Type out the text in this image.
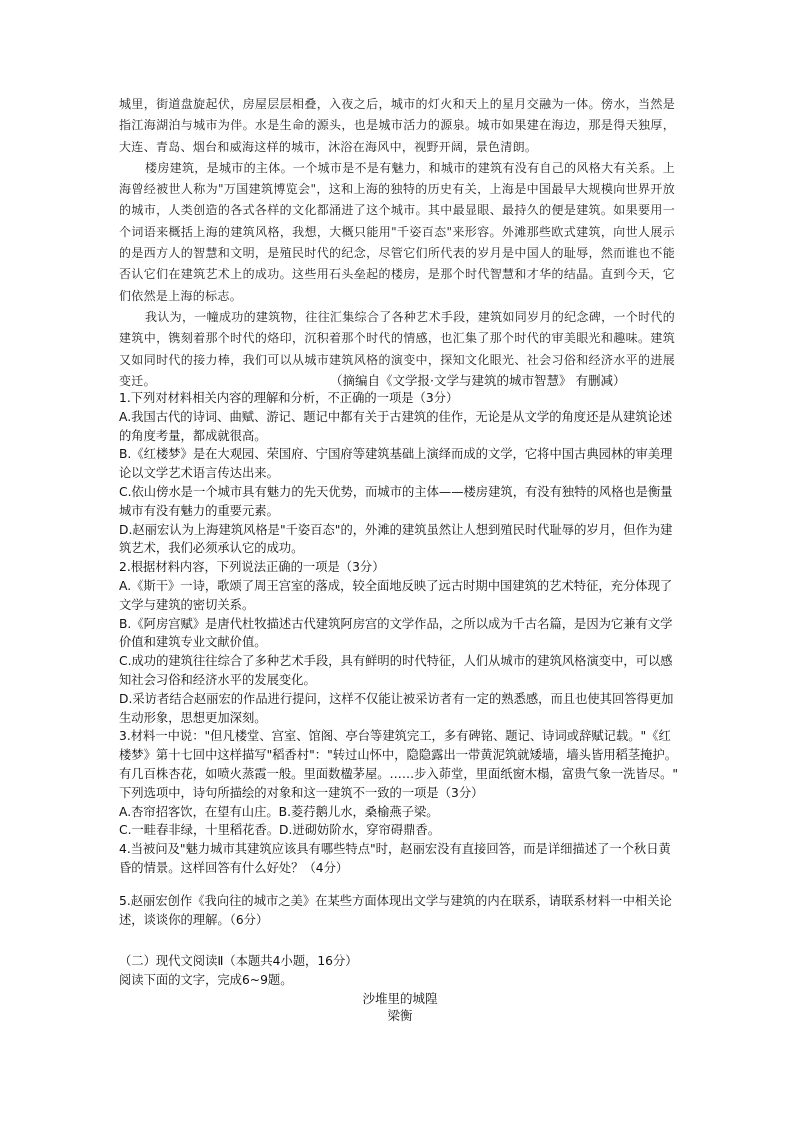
城里，街道盘旋起伏，房屋层层相叠，入夜之后，城市的灯火和天上的星月交融为一体。傍水，当然是指江海湖泊与城市为伴。水是生命的源头，也是城市活力的源泉。城市如果建在海边，那是得天独厚，大连、青岛、烟台和威海这样的城市，沐浴在海风中，视野开阔，景色清朗。

楼房建筑，是城市的主体。一个城市是不是有魅力，和城市的建筑有没有自己的风格大有关系。上海曾经被世人称为"万国建筑博览会"，这和上海的独特的历史有关，上海是中国最早大规模向世界开放的城市，人类创造的各式各样的文化都涌进了这个城市。其中最显眼、最持久的便是建筑。如果要用一个词语来概括上海的建筑风格，我想，大概只能用"千姿百态"来形容。外滩那些欧式建筑，向世人展示的是西方人的智慧和文明，是殖民时代的纪念，尽管它们所代表的岁月是中国人的耻辱，然而谁也不能否认它们在建筑艺术上的成功。这些用石头垒起的楼房，是那个时代智慧和才华的结晶。直到今天，它们依然是上海的标志。

我认为，一幢成功的建筑物，往往汇集综合了各种艺术手段，建筑如同岁月的纪念碑，一个时代的建筑中，镌刻着那个时代的烙印，沉积着那个时代的情感，也汇集了那个时代的审美眼光和趣味。建筑又如同时代的接力棒，我们可以从城市建筑风格的演变中，探知文化眼光、社会习俗和经济水平的进展变迁。	（摘编自《文学报·文学与建筑的城市智慧》 有删减）

1.下列对材料相关内容的理解和分析，不正确的一项是（3分）

A.我国古代的诗词、曲赋、游记、题记中都有关于古建筑的佳作，无论是从文学的角度还是从建筑论述的角度考量，都成就很高。

B.《红楼梦》是在大观园、荣国府、宁国府等建筑基础上演绎而成的文学，它将中国古典园林的审美理论以文学艺术语言传达出来。

C.依山傍水是一个城市具有魅力的先天优势，而城市的主体——楼房建筑，有没有独特的风格也是衡量城市有没有魅力的重要元素。

D.赵丽宏认为上海建筑风格是"千姿百态"的，外滩的建筑虽然让人想到殖民时代耻辱的岁月，但作为建筑艺术，我们必须承认它的成功。

2.根据材料内容，下列说法正确的一项是（3分）

A.《斯干》一诗，歌颂了周王宫室的落成，较全面地反映了远古时期中国建筑的艺术特征，充分体现了文学与建筑的密切关系。

B.《阿房宫赋》是唐代杜牧描述古代建筑阿房宫的文学作品，之所以成为千古名篇，是因为它兼有文学价值和建筑专业文献价值。

C.成功的建筑往往综合了多种艺术手段，具有鲜明的时代特征，人们从城市的建筑风格演变中，可以感知社会习俗和经济水平的发展变化。

D.采访者结合赵丽宏的作品进行提问，这样不仅能让被采访者有一定的熟悉感，而且也使其回答得更加生动形象，思想更加深刻。

3.材料一中说："但凡楼堂、宫室、馆阁、亭台等建筑完工，多有碑铭、题记、诗词或辞赋记载。"《红楼梦》第十七回中这样描写"稻香村"："转过山怀中，隐隐露出一带黄泥筑就矮墙，墙头皆用稻茎掩护。有几百株杏花，如喷火蒸霞一般。里面数楹茅屋。……步入茆堂，里面纸窗木榻，富贵气象一洗皆尽。"

下列选项中，诗句所描绘的对象和这一建筑不一致的一项是（3分）

A.杏帘招客饮，在望有山庄。B.菱荇鹅儿水，桑榆燕子梁。

C.一畦春非绿，十里稻花香。D.迸砌妨阶水，穿帘碍鼎香。

4.当被问及"魅力城市其建筑应该具有哪些特点"时，赵丽宏没有直接回答，而是详细描述了一个秋日黄昏的情景。这样回答有什么好处？（4分）

5.赵丽宏创作《我向往的城市之美》在某些方面体现出文学与建筑的内在联系，请联系材料一中相关论述，谈谈你的理解。（6分）

（二）现代文阅读Ⅱ（本题共4小题，16分）

阅读下面的文字，完成6~9题。

沙堆里的城隍
梁衡
